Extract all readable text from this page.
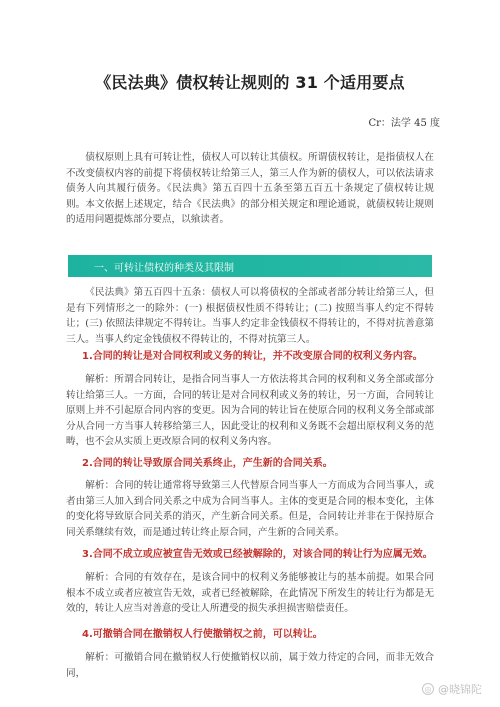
《民法典》债权转让规则的 31 个适用要点
Cr：法学 45 度

债权原则上具有可转让性，债权人可以转让其债权。所谓债权转让，是指债权人在不改变债权内容的前提下将债权转让给第三人，第三人作为新的债权人，可以依法请求债务人向其履行债务。《民法典》第五百四十五条至第五百五十条规定了债权转让规则。本文依据上述规定，结合《民法典》的部分相关规定和理论通说，就债权转让规则的适用问题提炼部分要点，以飨读者。

一、可转让债权的种类及其限制

《民法典》第五百四十五条：债权人可以将债权的全部或者部分转让给第三人，但是有下列情形之一的除外：(一) 根据债权性质不得转让；(二) 按照当事人约定不得转让；(三) 依照法律规定不得转让。当事人约定非金钱债权不得转让的，不得对抗善意第三人。当事人约定金钱债权不得转让的，不得对抗第三人。

1.合同的转让是对合同权利或义务的转让，并不改变原合同的权利义务内容。

解析：所谓合同转让，是指合同当事人一方依法将其合同的权利和义务全部或部分转让给第三人。一方面，合同的转让是对合同权利或义务的转让，另一方面，合同转让原则上并不引起原合同内容的变更。因为合同的转让旨在使原合同的权利义务全部或部分从合同一方当事人转移给第三人，因此受让的权利和义务既不会超出原权利义务的范畴，也不会从实质上更改原合同的权利义务内容。

2.合同的转让导致原合同关系终止，产生新的合同关系。

解析：合同的转让通常将导致第三人代替原合同当事人一方而成为合同当事人，或者由第三人加入到合同关系之中成为合同当事人。主体的变更是合同的根本变化，主体的变化将导致原合同关系的消灭，产生新合同关系。但是，合同转让并非在于保持原合同关系继续有效，而是通过转让终止原合同，产生新的合同关系。

3.合同不成立或应被宣告无效或已经被解除的，对该合同的转让行为应属无效。

解析：合同的有效存在，是该合同中的权利义务能够被让与的基本前提。如果合同根本不成立或者应被宣告无效，或者已经被解除，在此情况下所发生的转让行为都是无效的，转让人应当对善意的受让人所遭受的损失承担损害赔偿责任。

4.可撤销合同在撤销权人行使撤销权之前，可以转让。

解析：可撤销合同在撤销权人行使撤销权以前，属于效力待定的合同，而非无效合同，

◎ @晓锦陀
